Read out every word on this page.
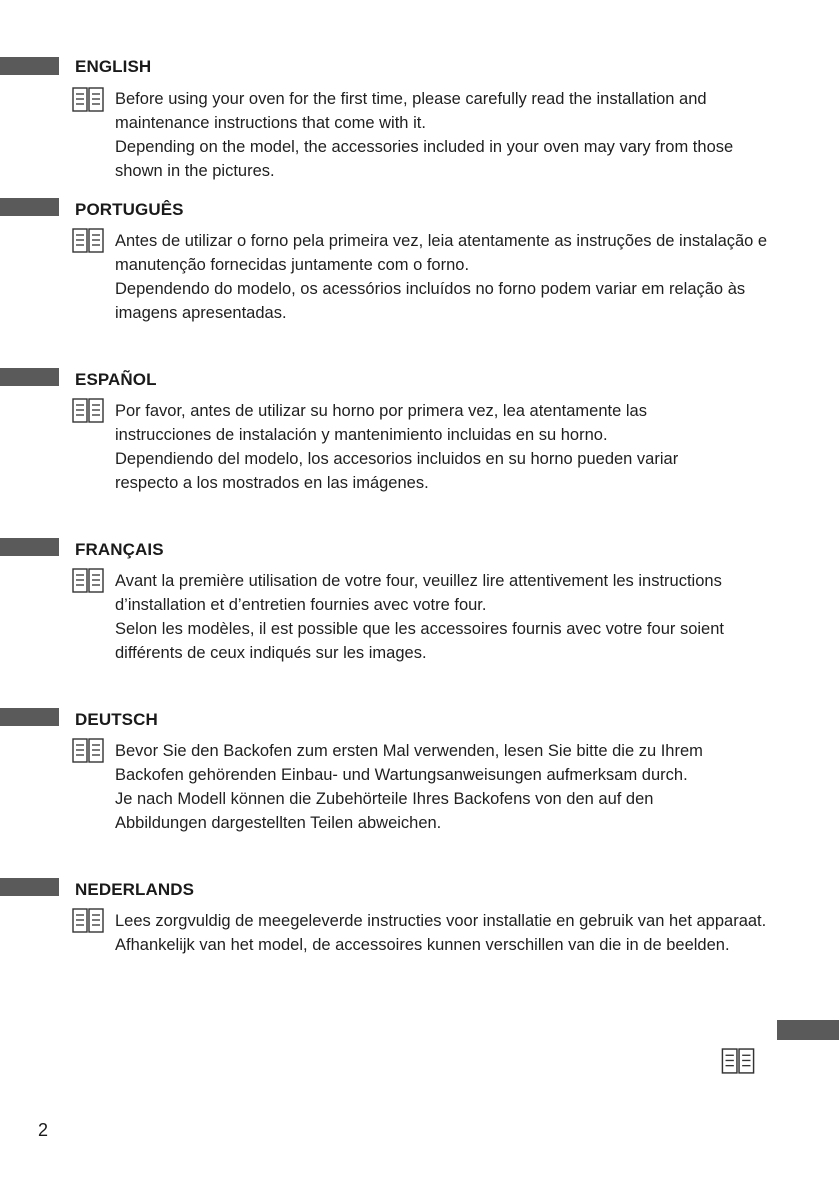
ENGLISH

Before using your oven for the first time, please carefully read the installation and maintenance instructions that come with it.

Depending on the model, the accessories included in your oven may vary from those shown in the pictures.

PORTUGUÊS

Antes de utilizar o forno pela primeira vez, leia atentamente as instruções de instalação e manutenção fornecidas juntamente com o forno.

Dependendo do modelo, os acessórios incluídos no forno podem variar em relação às imagens apresentadas.

ESPAÑOL

Por favor, antes de utilizar su horno por primera vez, lea atentamente las instrucciones de instalación y mantenimiento incluidas en su horno.

Dependiendo del modelo, los accesorios incluidos en su horno pueden variar respecto a los mostrados en las imágenes.

FRANÇAIS

Avant la première utilisation de votre four, veuillez lire attentivement les instructions d’installation et d’entretien fournies avec votre four.

Selon les modèles, il est possible que les accessoires fournis avec votre four soient différents de ceux indiqués sur les images.

DEUTSCH

Bevor Sie den Backofen zum ersten Mal verwenden, lesen Sie bitte die zu Ihrem Backofen gehörenden Einbau- und Wartungsanweisungen aufmerksam durch.

Je nach Modell können die Zubehörteile Ihres Backofens von den auf den Abbildungen dargestellten Teilen abweichen.

NEDERLANDS

Lees zorgvuldig de meegeleverde instructies voor installatie en gebruik van het apparaat.

Afhankelijk van het model, de accessoires kunnen verschillen van die in de beelden.

2
